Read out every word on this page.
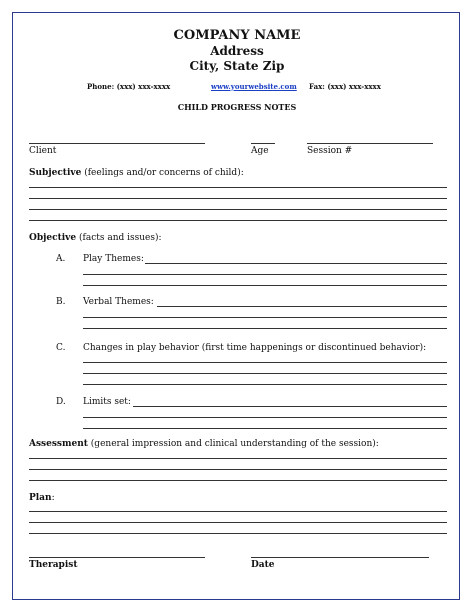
COMPANY NAME
Address
City, State Zip
Phone: (xxx) xxx-xxxx	www.yourwebsite.com Fax: (xxx) xxx-xxxx
CHILD PROGRESS NOTES
Client	Age	Session #
Subjective (feelings and/or concerns of child):
Objective (facts and issues):
A. Play Themes:
B. Verbal Themes:
C. Changes in play behavior (first time happenings or discontinued behavior):
D. Limits set:
Assessment (general impression and clinical understanding of the session):
Plan:
Therapist	Date
